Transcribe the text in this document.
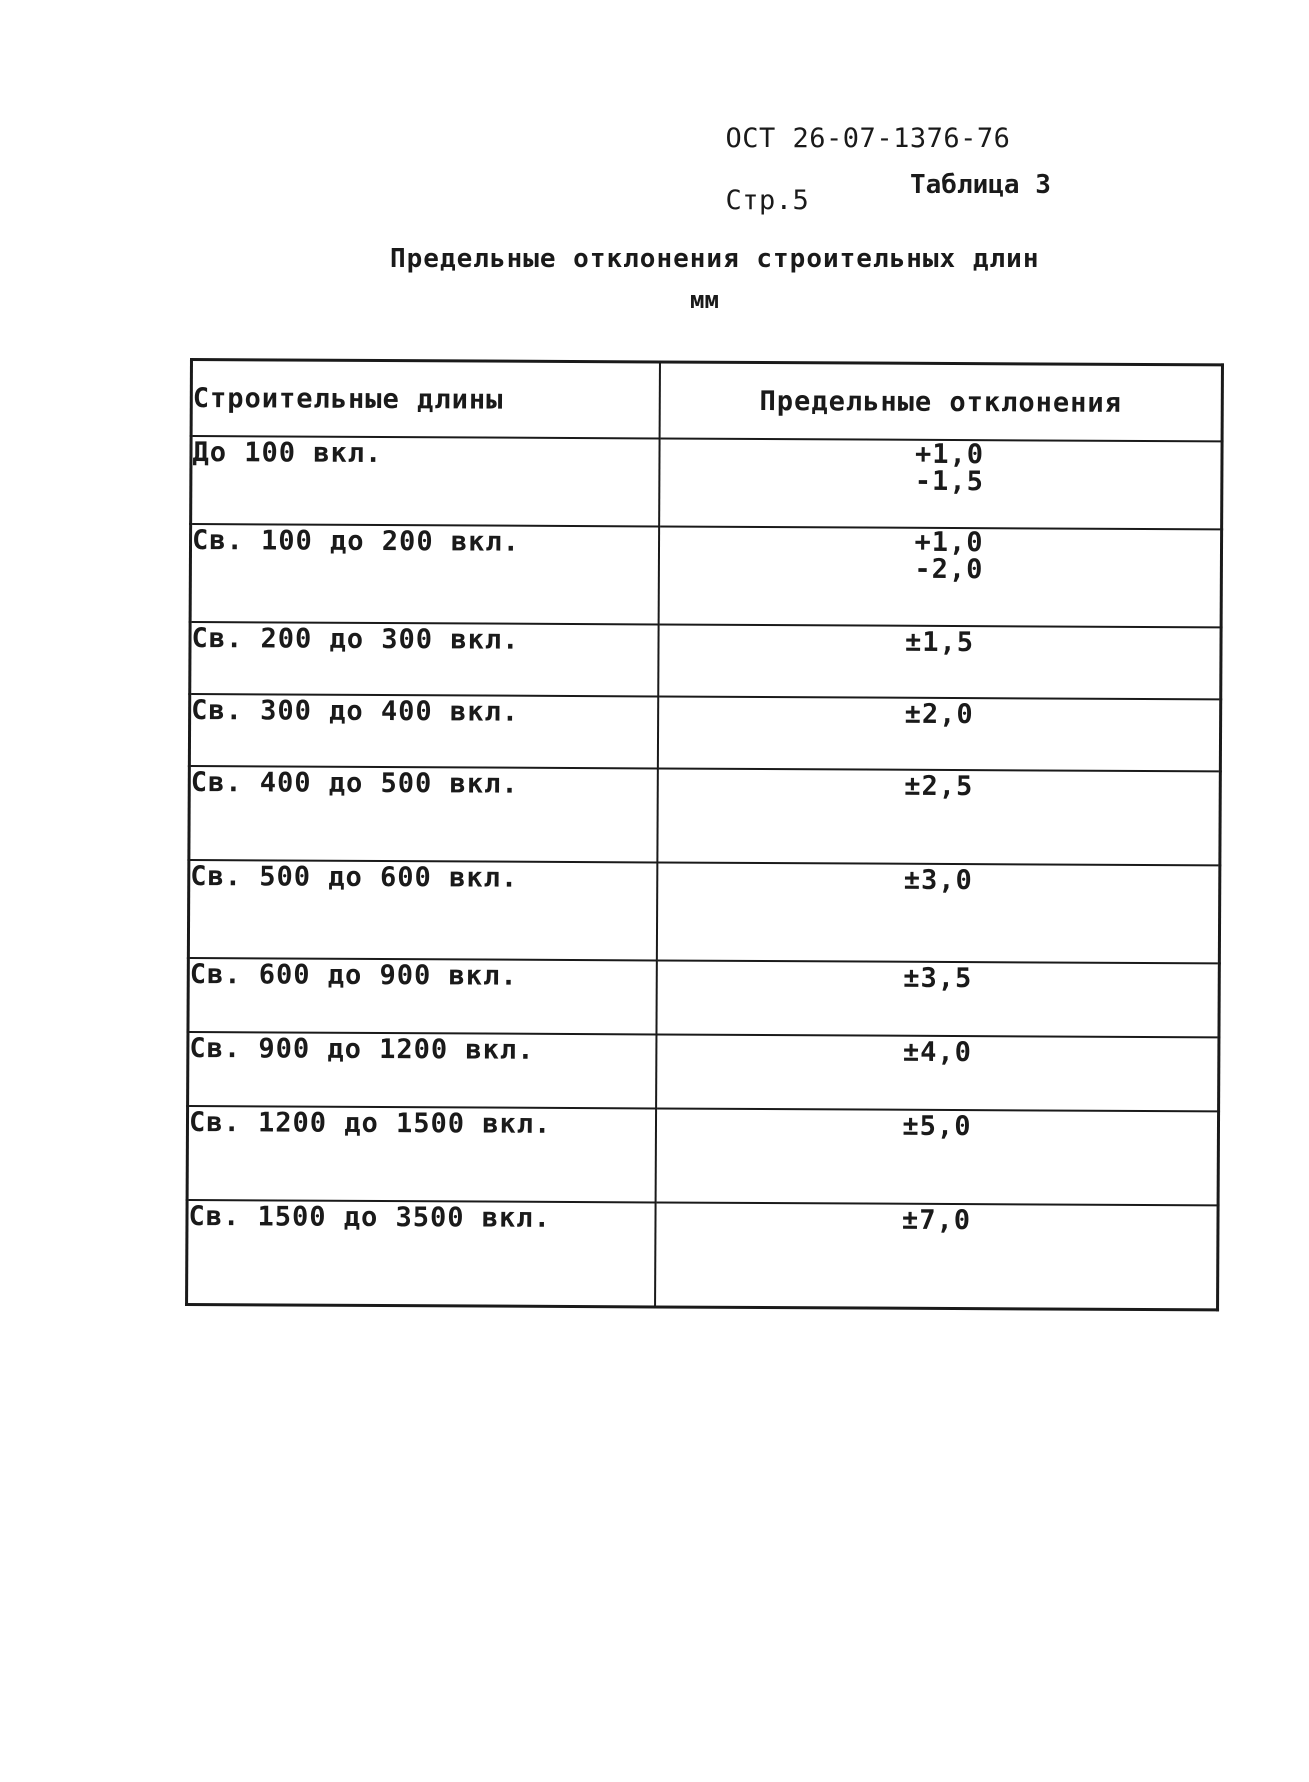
ОСТ 26-07-1376-76

Стр.5	Таблица 3
Предельные отклонения строительных длин
мм
Строительные длины	Предельные отклонения
До 100 вкл.	+1,0
-1,5
Св. 100 до 200 вкл.	+1,0
-2,0
Св. 200 до 300 вкл.	±1,5
Св. 300 до 400 вкл.	±2,0
Св. 400 до 500 вкл.	±2,5
Св. 500 до 600 вкл.	±3,0
Св. 600 до 900 вкл.	±3,5
Св. 900 до 1200 вкл.	±4,0
Св. 1200 до 1500 вкл.	±5,0
Св. 1500 до 3500 вкл.	±7,0
